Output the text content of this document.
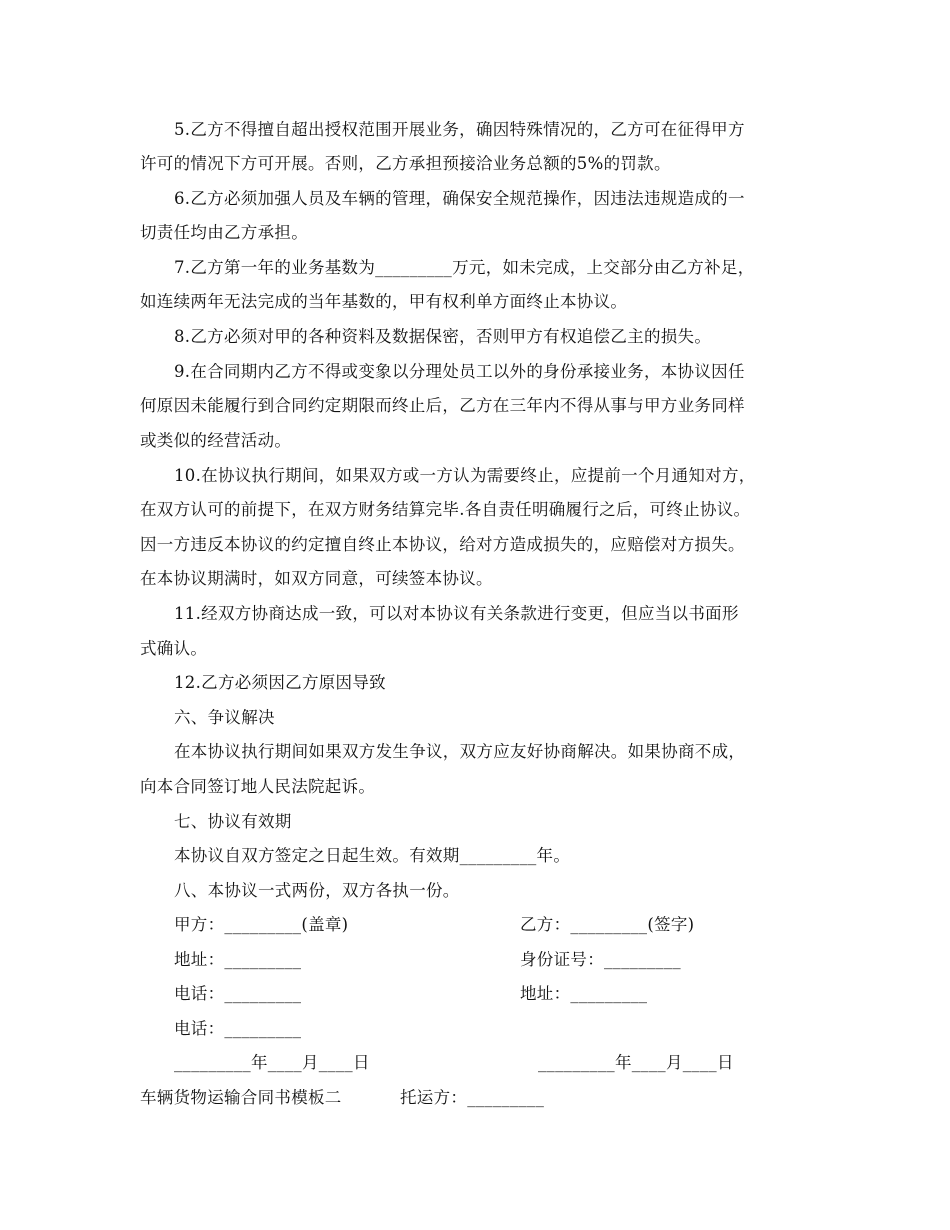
5.乙方不得擅自超出授权范围开展业务，确因特殊情况的，乙方可在征得甲方
许可的情况下方可开展。否则，乙方承担预接洽业务总额的5%的罚款。
6.乙方必须加强人员及车辆的管理，确保安全规范操作，因违法违规造成的一
切责任均由乙方承担。
7.乙方第一年的业务基数为_________万元，如未完成，上交部分由乙方补足，
如连续两年无法完成的当年基数的，甲有权利单方面终止本协议。
8.乙方必须对甲的各种资料及数据保密，否则甲方有权追偿乙主的损失。
9.在合同期内乙方不得或变象以分理处员工以外的身份承接业务，本协议因任
何原因未能履行到合同约定期限而终止后，乙方在三年内不得从事与甲方业务同样
或类似的经营活动。
10.在协议执行期间，如果双方或一方认为需要终止，应提前一个月通知对方，
在双方认可的前提下，在双方财务结算完毕.各自责任明确履行之后，可终止协议。
因一方违反本协议的约定擅自终止本协议，给对方造成损失的，应赔偿对方损失。
在本协议期满时，如双方同意，可续签本协议。
11.经双方协商达成一致，可以对本协议有关条款进行变更，但应当以书面形
式确认。
12.乙方必须因乙方原因导致
六、争议解决
在本协议执行期间如果双方发生争议，双方应友好协商解决。如果协商不成，
向本合同签订地人民法院起诉。
七、协议有效期
本协议自双方签定之日起生效。有效期_________年。
八、本协议一式两份，双方各执一份。
甲方：_________(盖章)	乙方：_________(签字)
地址：_________	身份证号：_________
电话：_________	地址：_________
电话：_________
_________年____月____日	_________年____月____日
车辆货物运输合同书模板二	托运方：_________
